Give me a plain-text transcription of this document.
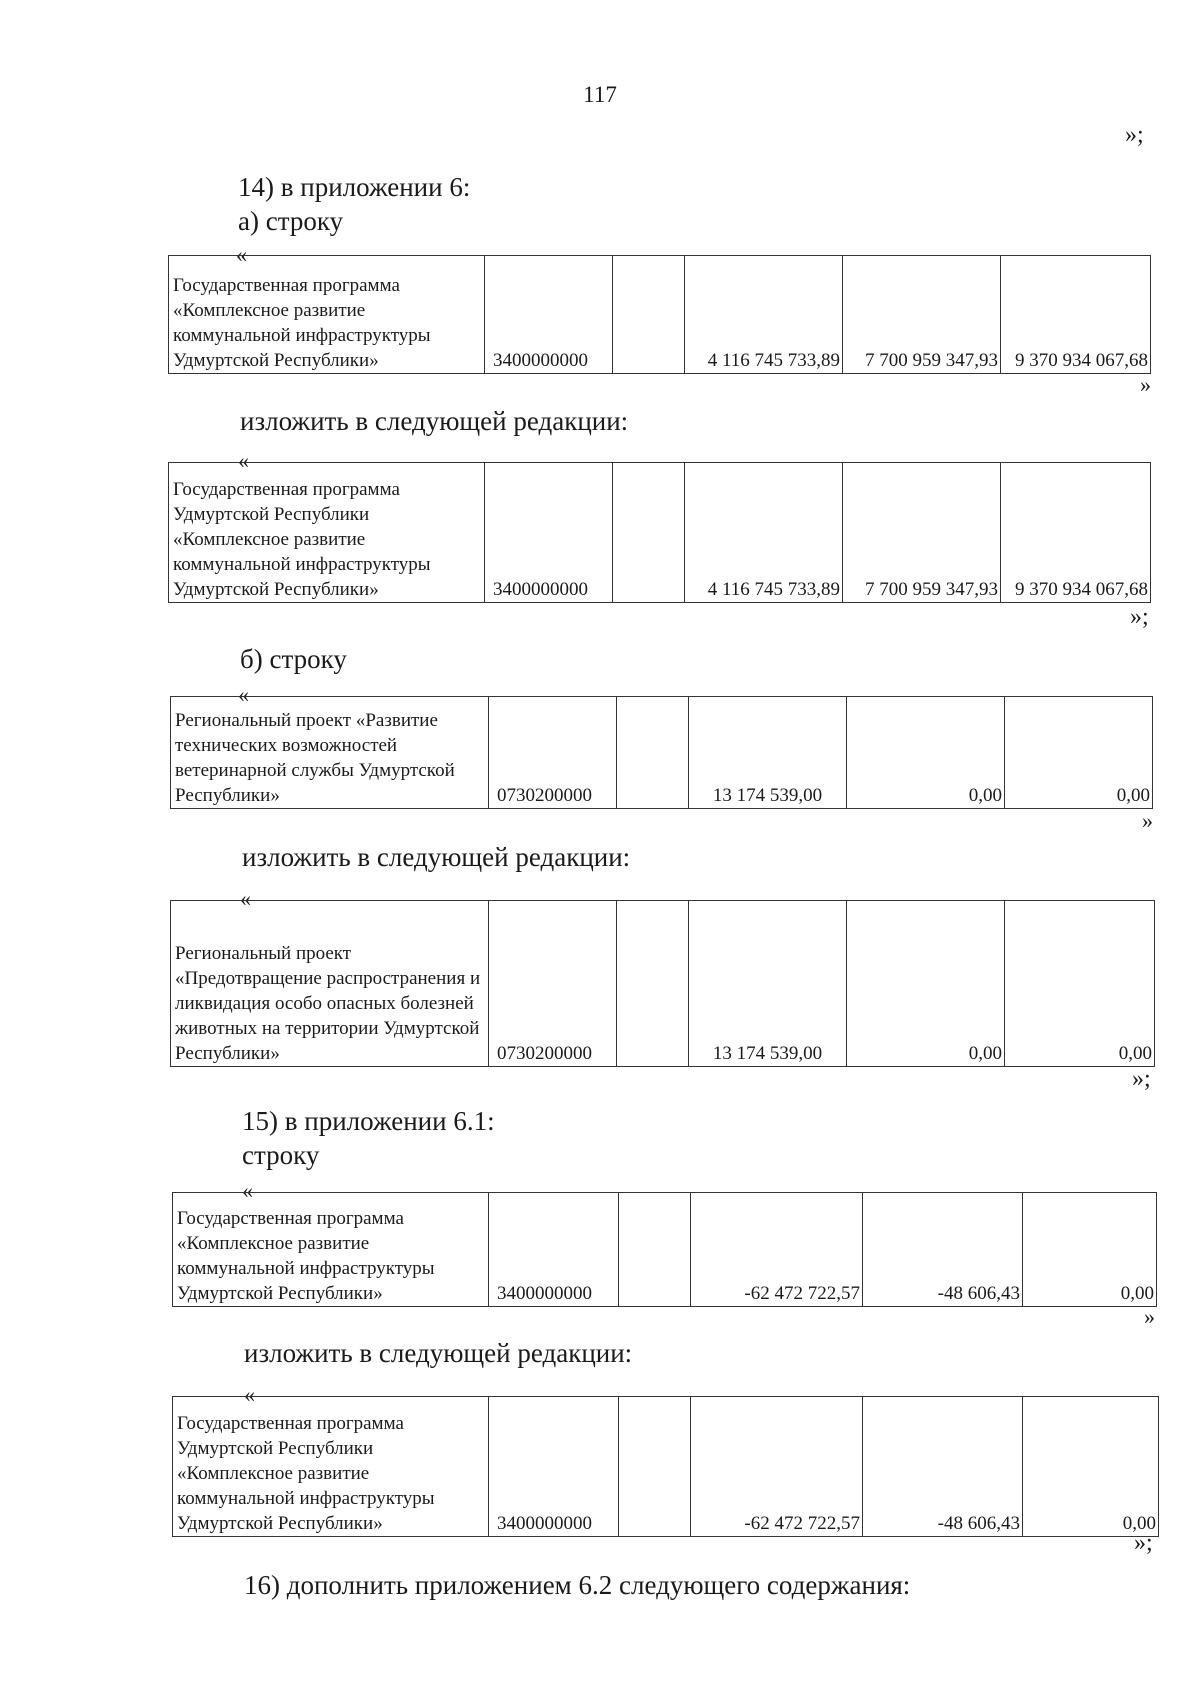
117
»;
14) в приложении 6:
а) строку
«
Государственная программа «Комплексное развитие коммунальной инфраструктуры Удмуртской Республики»	3400000000		4 116 745 733,89	7 700 959 347,93	9 370 934 067,68
»
изложить в следующей редакции:
«
Государственная программа Удмуртской Республики «Комплексное развитие коммунальной инфраструктуры Удмуртской Республики»	3400000000		4 116 745 733,89	7 700 959 347,93	9 370 934 067,68
»;
б) строку
«
Региональный проект «Развитие технических возможностей ветеринарной службы Удмуртской Республики»	0730200000		13 174 539,00	0,00	0,00
»
изложить в следующей редакции:
«
Региональный проект «Предотвращение распространения и ликвидация особо опасных болезней животных на территории Удмуртской Республики»	0730200000		13 174 539,00	0,00	0,00
»;
15) в приложении 6.1:
строку
«
Государственная программа «Комплексное развитие коммунальной инфраструктуры Удмуртской Республики»	3400000000		-62 472 722,57	-48 606,43	0,00
»
изложить в следующей редакции:
«
Государственная программа Удмуртской Республики «Комплексное развитие коммунальной инфраструктуры Удмуртской Республики»	3400000000		-62 472 722,57	-48 606,43	0,00
»;
16) дополнить приложением 6.2 следующего содержания:
